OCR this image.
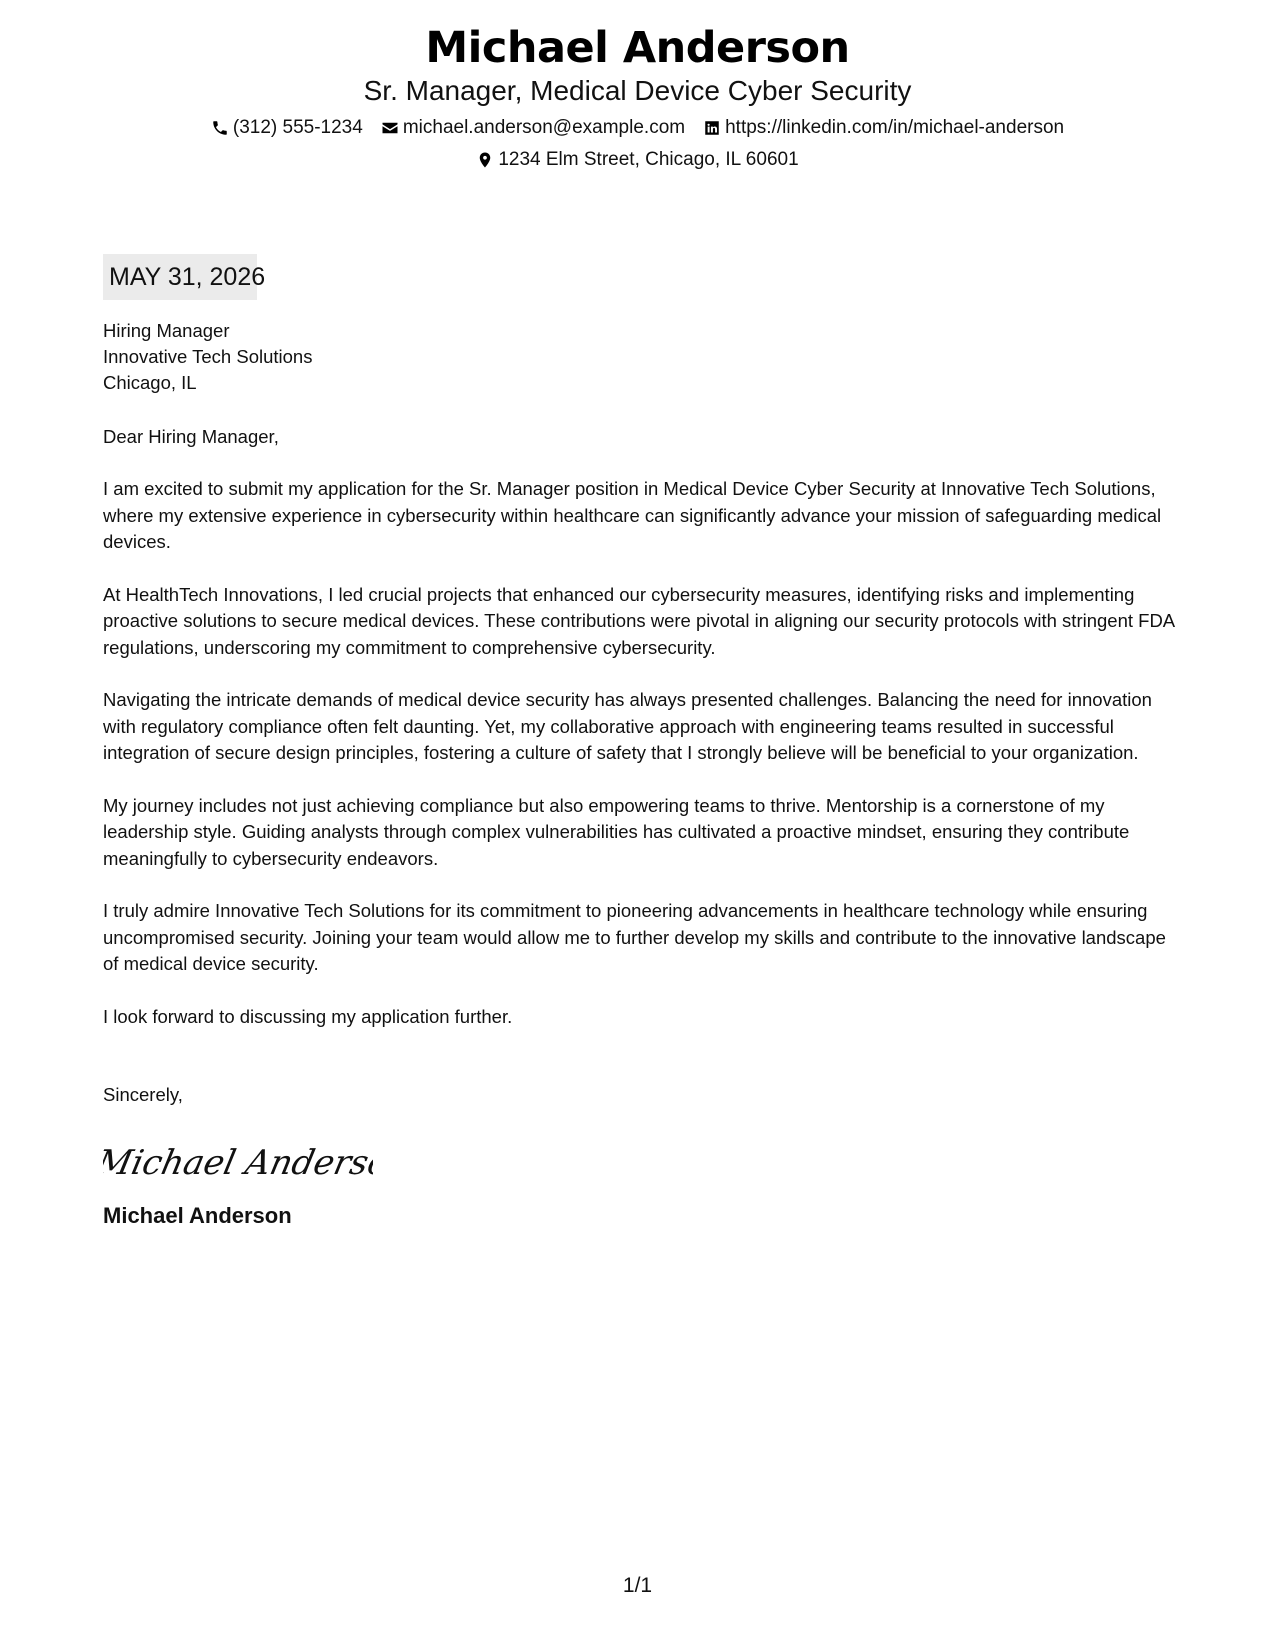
Michael Anderson
Sr. Manager, Medical Device Cyber Security
(312) 555-1234 michael.anderson@example.com https://linkedin.com/in/michael-anderson
1234 Elm Street, Chicago, IL 60601
MAY 31, 2026
Hiring Manager
Innovative Tech Solutions
Chicago, IL
Dear Hiring Manager,

I am excited to submit my application for the Sr. Manager position in Medical Device Cyber Security at Innovative Tech Solutions, where my extensive experience in cybersecurity within healthcare can significantly advance your mission of safeguarding medical devices.

At HealthTech Innovations, I led crucial projects that enhanced our cybersecurity measures, identifying risks and implementing proactive solutions to secure medical devices. These contributions were pivotal in aligning our security protocols with stringent FDA regulations, underscoring my commitment to comprehensive cybersecurity.

Navigating the intricate demands of medical device security has always presented challenges. Balancing the need for innovation with regulatory compliance often felt daunting. Yet, my collaborative approach with engineering teams resulted in successful integration of secure design principles, fostering a culture of safety that I strongly believe will be beneficial to your organization.

My journey includes not just achieving compliance but also empowering teams to thrive. Mentorship is a cornerstone of my leadership style. Guiding analysts through complex vulnerabilities has cultivated a proactive mindset, ensuring they contribute meaningfully to cybersecurity endeavors.

I truly admire Innovative Tech Solutions for its commitment to pioneering advancements in healthcare technology while ensuring uncompromised security. Joining your team would allow me to further develop my skills and contribute to the innovative landscape of medical device security.

I look forward to discussing my application further.

Sincerely,
Michael Anderso
Michael Anderson
1/1
